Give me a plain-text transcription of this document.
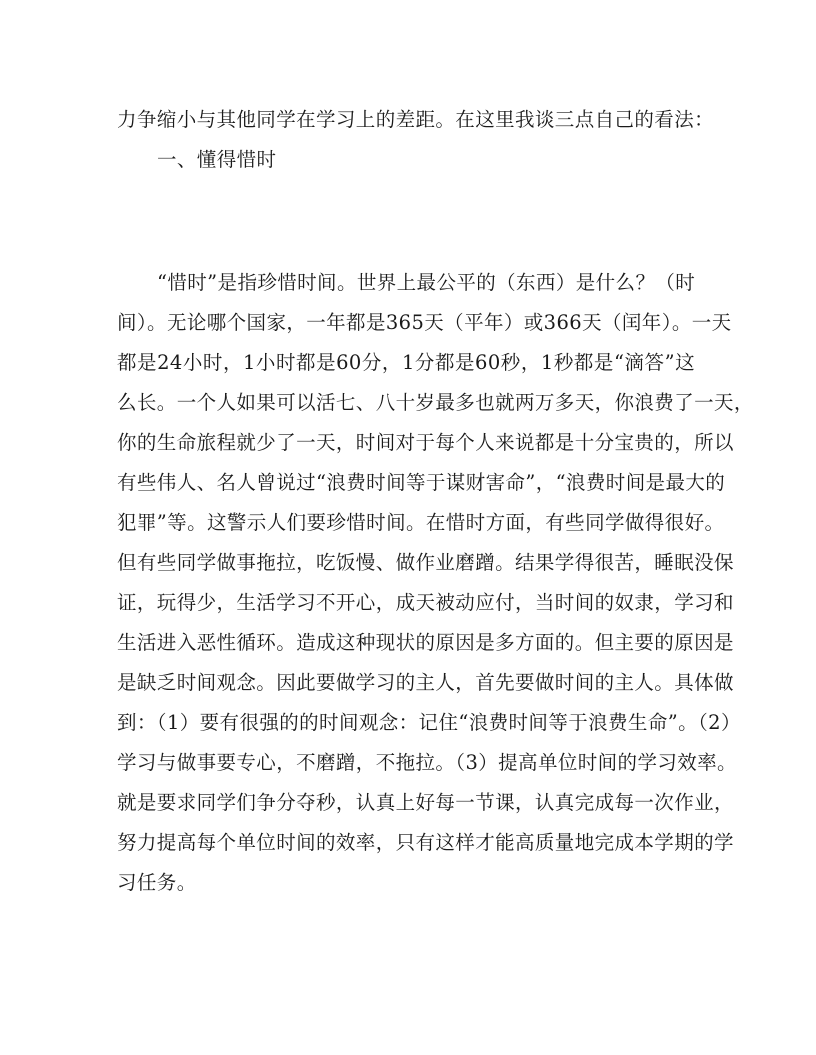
力争缩小与其他同学在学习上的差距。在这里我谈三点自己的看法：
一、懂得惜时
“惜时”是指珍惜时间。世界上最公平的（东西）是什么？（时
间）。无论哪个国家，一年都是365天（平年）或366天（闰年）。一天
都是24小时，1小时都是60分，1分都是60秒，1秒都是“滴答”这
么长。一个人如果可以活七、八十岁最多也就两万多天，你浪费了一天，
你的生命旅程就少了一天，时间对于每个人来说都是十分宝贵的，所以
有些伟人、名人曾说过“浪费时间等于谋财害命”，“浪费时间是最大的
犯罪”等。这警示人们要珍惜时间。在惜时方面，有些同学做得很好。
但有些同学做事拖拉，吃饭慢、做作业磨蹭。结果学得很苦，睡眠没保
证，玩得少，生活学习不开心，成天被动应付，当时间的奴隶，学习和
生活进入恶性循环。造成这种现状的原因是多方面的。但主要的原因是
是缺乏时间观念。因此要做学习的主人，首先要做时间的主人。具体做
到：（1）要有很强的的时间观念：记住“浪费时间等于浪费生命”。（2）
学习与做事要专心，不磨蹭，不拖拉。（3）提高单位时间的学习效率。
就是要求同学们争分夺秒，认真上好每一节课，认真完成每一次作业，
努力提高每个单位时间的效率，只有这样才能高质量地完成本学期的学
习任务。
